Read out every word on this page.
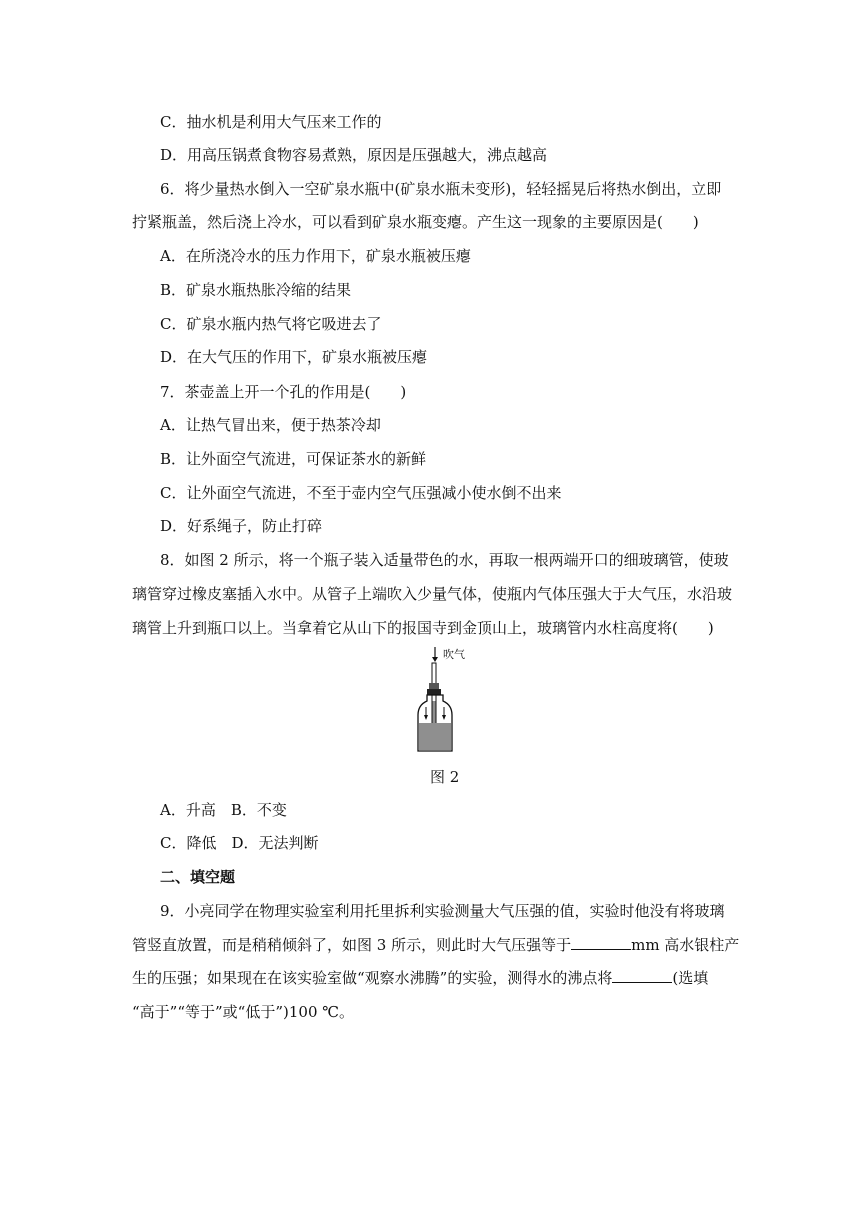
C．抽水机是利用大气压来工作的
D．用高压锅煮食物容易煮熟，原因是压强越大，沸点越高
6．将少量热水倒入一空矿泉水瓶中(矿泉水瓶未变形)，轻轻摇晃后将热水倒出，立即
拧紧瓶盖，然后浇上冷水，可以看到矿泉水瓶变瘪。产生这一现象的主要原因是(　　)
A．在所浇冷水的压力作用下，矿泉水瓶被压瘪
B．矿泉水瓶热胀冷缩的结果
C．矿泉水瓶内热气将它吸进去了
D．在大气压的作用下，矿泉水瓶被压瘪
7．茶壶盖上开一个孔的作用是(　　)
A．让热气冒出来，便于热茶冷却
B．让外面空气流进，可保证茶水的新鲜
C．让外面空气流进，不至于壶内空气压强减小使水倒不出来
D．好系绳子，防止打碎
8．如图 2 所示，将一个瓶子装入适量带色的水，再取一根两端开口的细玻璃管，使玻
璃管穿过橡皮塞插入水中。从管子上端吹入少量气体，使瓶内气体压强大于大气压，水沿玻
璃管上升到瓶口以上。当拿着它从山下的报国寺到金顶山上，玻璃管内水柱高度将(　　)
吹气
图 2
A．升高　B．不变
C．降低　D．无法判断
二、填空题
9．小亮同学在物理实验室利用托里拆利实验测量大气压强的值，实验时他没有将玻璃
管竖直放置，而是稍稍倾斜了，如图 3 所示，则此时大气压强等于	mm 高水银柱产
生的压强；如果现在在该实验室做“观察水沸腾”的实验，测得水的沸点将	(选填
“高于”“等于”或“低于”)100 ℃。
